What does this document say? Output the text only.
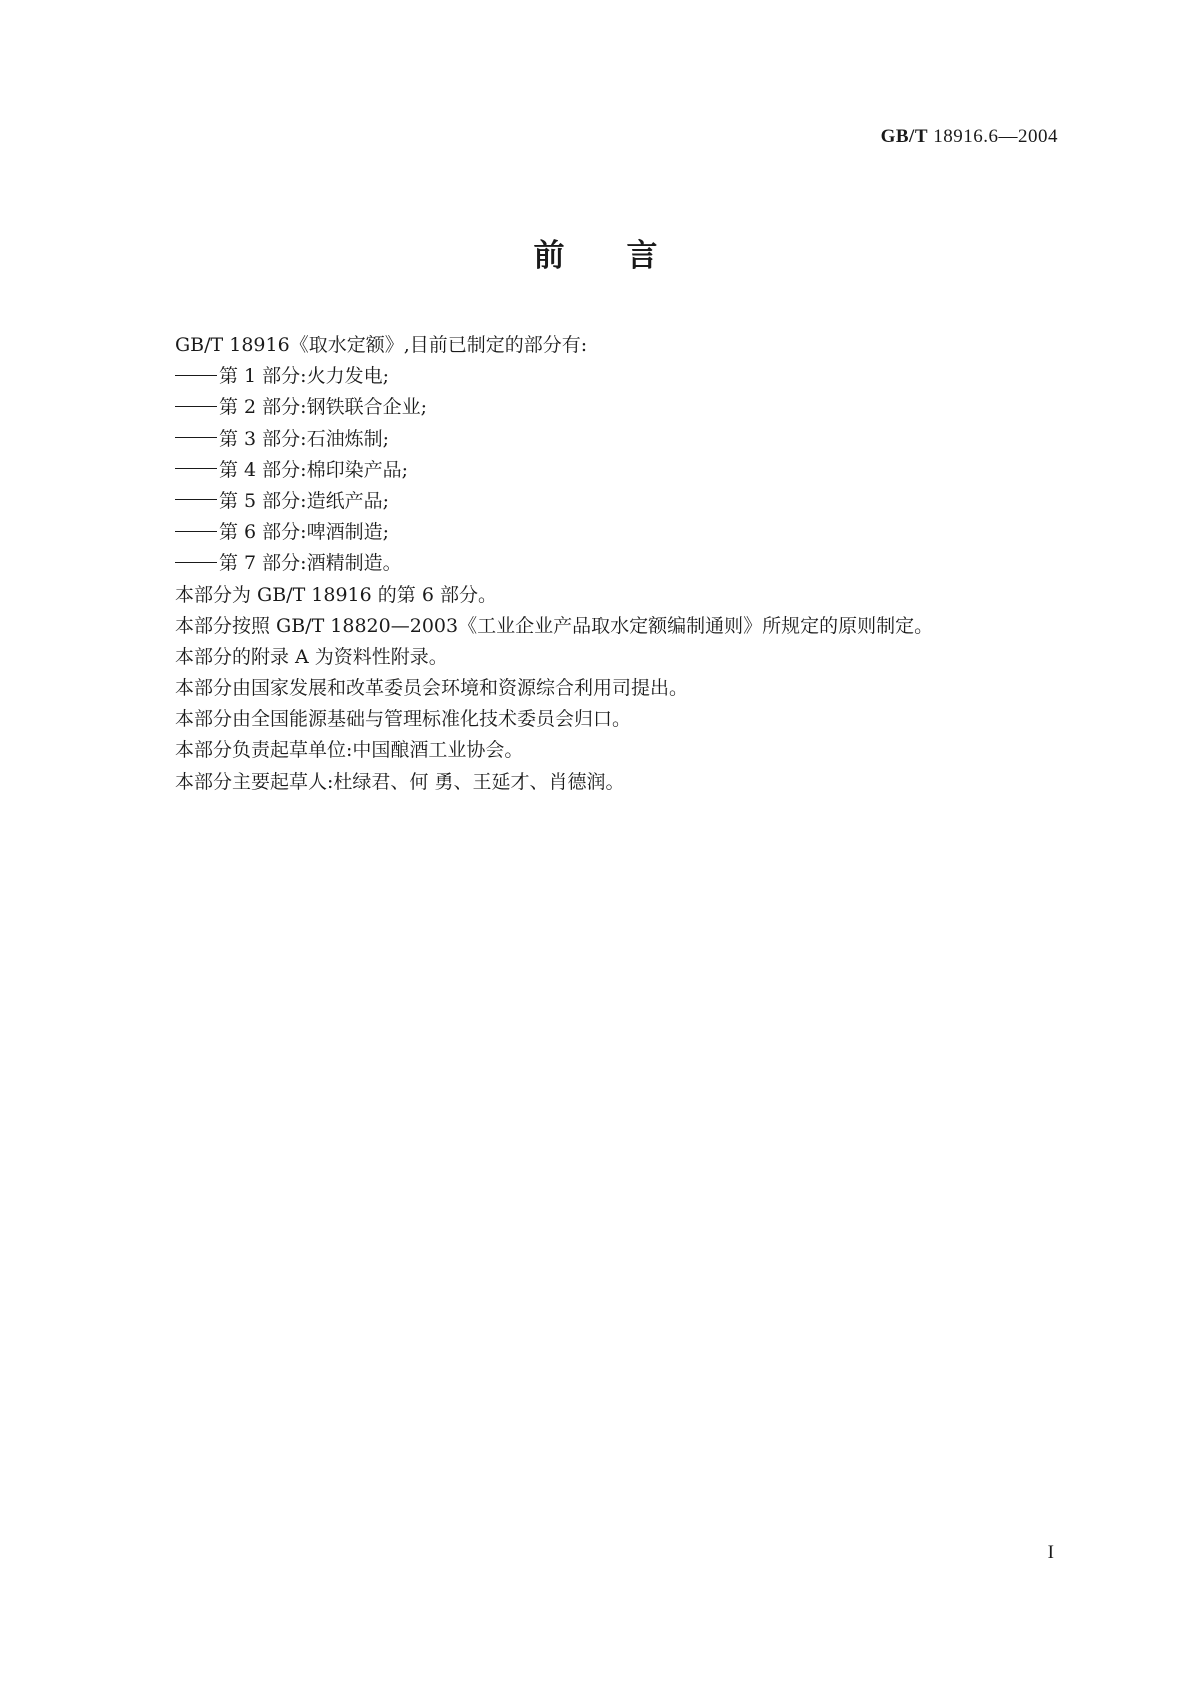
GB/T 18916.6—2004
前言
GB/T 18916《取水定额》,目前已制定的部分有:
第 1 部分:火力发电;
第 2 部分:钢铁联合企业;
第 3 部分:石油炼制;
第 4 部分:棉印染产品;
第 5 部分:造纸产品;
第 6 部分:啤酒制造;
第 7 部分:酒精制造。
本部分为 GB/T 18916 的第 6 部分。
本部分按照 GB/T 18820—2003《工业企业产品取水定额编制通则》所规定的原则制定。
本部分的附录 A 为资料性附录。
本部分由国家发展和改革委员会环境和资源综合利用司提出。
本部分由全国能源基础与管理标准化技术委员会归口。
本部分负责起草单位:中国酿酒工业协会。
本部分主要起草人:杜绿君、何 勇、王延才、肖德润。
I
